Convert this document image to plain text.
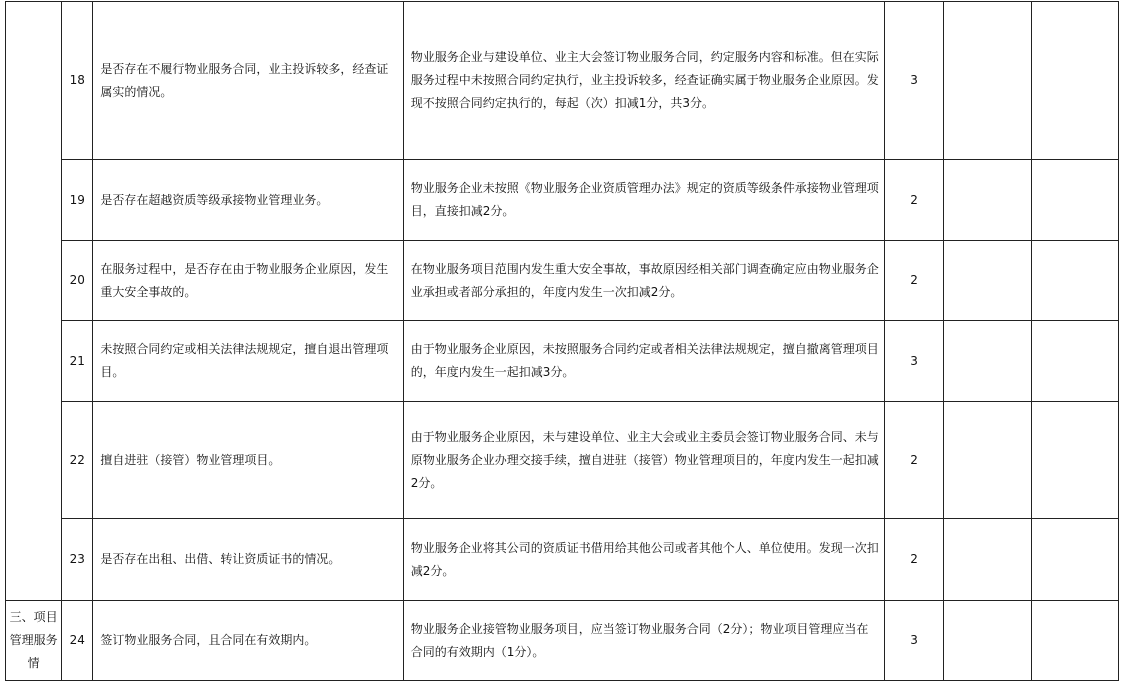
	18	是否存在不履行物业服务合同，业主投诉较多，经查证属实的情况。	物业服务企业与建设单位、业主大会签订物业服务合同，约定服务内容和标准。但在实际服务过程中未按照合同约定执行，业主投诉较多，经查证确实属于物业服务企业原因。发现不按照合同约定执行的，每起（次）扣减1分，共3分。	3		
	19	是否存在超越资质等级承接物业管理业务。	物业服务企业未按照《物业服务企业资质管理办法》规定的资质等级条件承接物业管理项目，直接扣减2分。	2		
	20	在服务过程中，是否存在由于物业服务企业原因，发生重大安全事故的。	在物业服务项目范围内发生重大安全事故，事故原因经相关部门调查确定应由物业服务企业承担或者部分承担的，年度内发生一次扣减2分。	2		
	21	未按照合同约定或相关法律法规规定，擅自退出管理项目。	由于物业服务企业原因，未按照服务合同约定或者相关法律法规规定，擅自撤离管理项目的，年度内发生一起扣减3分。	3		
	22	擅自进驻（接管）物业管理项目。	由于物业服务企业原因，未与建设单位、业主大会或业主委员会签订物业服务合同、未与原物业服务企业办理交接手续，擅自进驻（接管）物业管理项目的，年度内发生一起扣减2分。	2		
	23	是否存在出租、出借、转让资质证书的情况。	物业服务企业将其公司的资质证书借用给其他公司或者其他个人、单位使用。发现一次扣减2分。	2		
三、项目管理服务情	24	签订物业服务合同，且合同在有效期内。	物业服务企业接管物业服务项目，应当签订物业服务合同（2分）；物业项目管理应当在合同的有效期内（1分）。	3		
